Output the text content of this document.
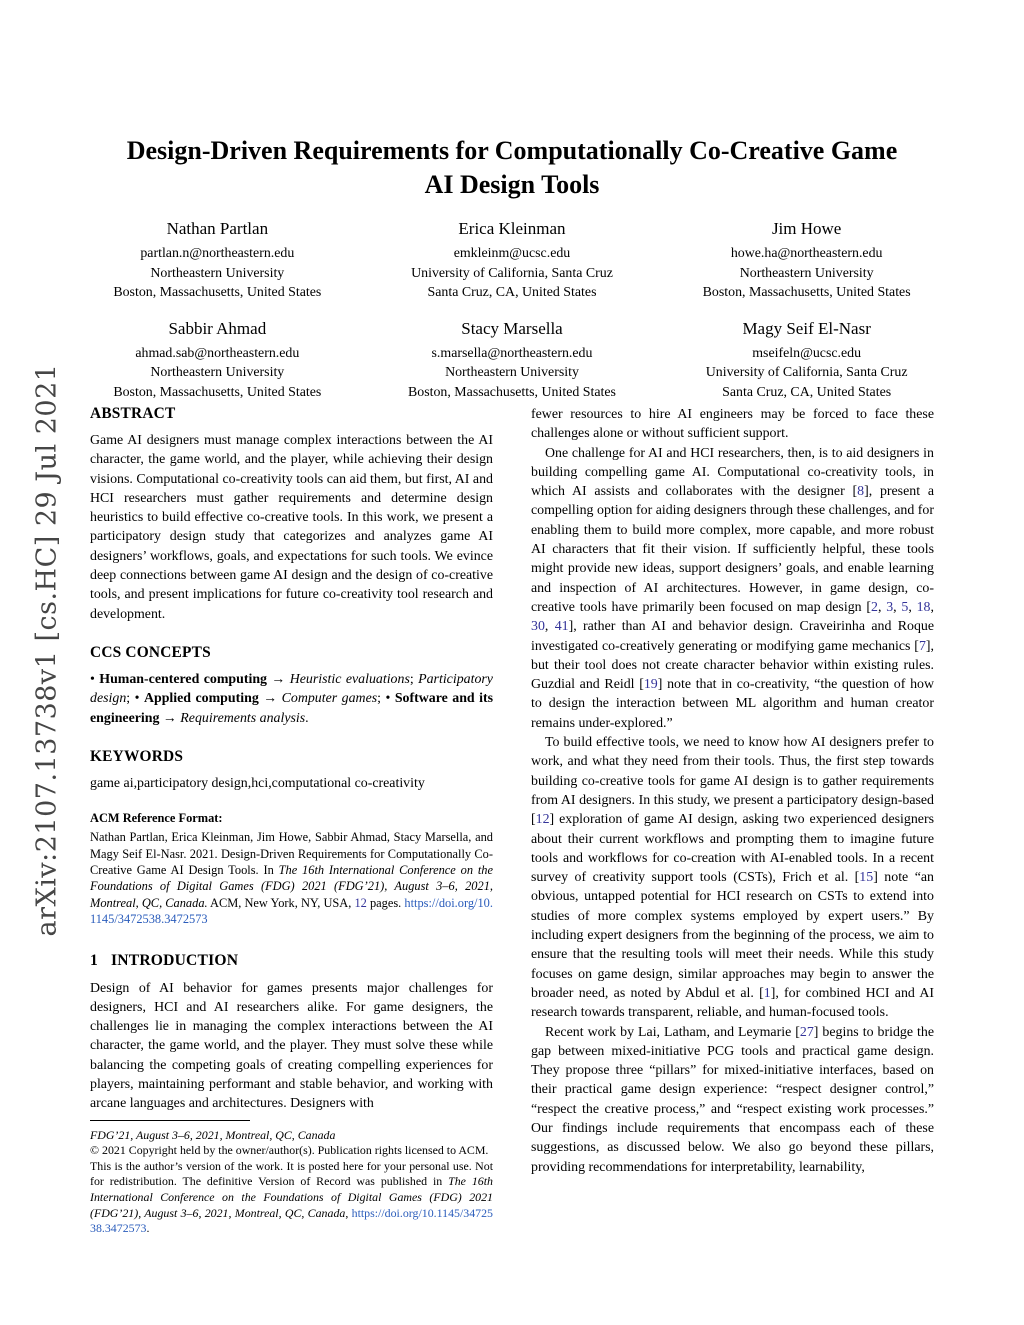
arXiv:2107.13738v1 [cs.HC] 29 Jul 2021
Design-Driven Requirements for Computationally Co-Creative Game AI Design Tools
Nathan Partlan
partlan.n@northeastern.edu
Northeastern University
Boston, Massachusetts, United States
Erica Kleinman
emkleinm@ucsc.edu
University of California, Santa Cruz
Santa Cruz, CA, United States
Jim Howe
howe.ha@northeastern.edu
Northeastern University
Boston, Massachusetts, United States
Sabbir Ahmad
ahmad.sab@northeastern.edu
Northeastern University
Boston, Massachusetts, United States
Stacy Marsella
s.marsella@northeastern.edu
Northeastern University
Boston, Massachusetts, United States
Magy Seif El-Nasr
mseifeln@ucsc.edu
University of California, Santa Cruz
Santa Cruz, CA, United States
ABSTRACT

Game AI designers must manage complex interactions between the AI character, the game world, and the player, while achieving their design visions. Computational co-creativity tools can aid them, but first, AI and HCI researchers must gather requirements and determine design heuristics to build effective co-creative tools. In this work, we present a participatory design study that categorizes and analyzes game AI designers’ workflows, goals, and expectations for such tools. We evince deep connections between game AI design and the design of co-creative tools, and present implications for future co-creativity tool research and development.

CCS CONCEPTS

• Human-centered computing → Heuristic evaluations; Participatory design; • Applied computing → Computer games; • Software and its engineering → Requirements analysis.

KEYWORDS

game ai,participatory design,hci,computational co-creativity

ACM Reference Format:

Nathan Partlan, Erica Kleinman, Jim Howe, Sabbir Ahmad, Stacy Marsella, and Magy Seif El-Nasr. 2021. Design-Driven Requirements for Computationally Co-Creative Game AI Design Tools. In The 16th International Conference on the Foundations of Digital Games (FDG) 2021 (FDG’21), August 3–6, 2021, Montreal, QC, Canada. ACM, New York, NY, USA, 12 pages. https://doi.org/10.1145/3472538.3472573

1 INTRODUCTION

Design of AI behavior for games presents major challenges for designers, HCI and AI researchers alike. For game designers, the challenges lie in managing the complex interactions between the AI character, the game world, and the player. They must solve these while balancing the competing goals of creating compelling experiences for players, maintaining performant and stable behavior, and working with arcane languages and architectures. Designers with

FDG’21, August 3–6, 2021, Montreal, QC, Canada

© 2021 Copyright held by the owner/author(s). Publication rights licensed to ACM.

This is the author’s version of the work. It is posted here for your personal use. Not for redistribution. The definitive Version of Record was published in The 16th International Conference on the Foundations of Digital Games (FDG) 2021 (FDG’21), August 3–6, 2021, Montreal, QC, Canada, https://doi.org/10.1145/3472538.3472573.

fewer resources to hire AI engineers may be forced to face these challenges alone or without sufficient support.

One challenge for AI and HCI researchers, then, is to aid designers in building compelling game AI. Computational co-creativity tools, in which AI assists and collaborates with the designer [8], present a compelling option for aiding designers through these challenges, and for enabling them to build more complex, more capable, and more robust AI characters that fit their vision. If sufficiently helpful, these tools might provide new ideas, support designers’ goals, and enable learning and inspection of AI architectures. However, in game design, co-creative tools have primarily been focused on map design [2, 3, 5, 18, 30, 41], rather than AI and behavior design. Craveirinha and Roque investigated co-creatively generating or modifying game mechanics [7], but their tool does not create character behavior within existing rules. Guzdial and Reidl [19] note that in co-creativity, “the question of how to design the interaction between ML algorithm and human creator remains under-explored.”

To build effective tools, we need to know how AI designers prefer to work, and what they need from their tools. Thus, the first step towards building co-creative tools for game AI design is to gather requirements from AI designers. In this study, we present a participatory design-based [12] exploration of game AI design, asking two experienced designers about their current workflows and prompting them to imagine future tools and workflows for co-creation with AI-enabled tools. In a recent survey of creativity support tools (CSTs), Frich et al. [15] note “an obvious, untapped potential for HCI research on CSTs to extend into studies of more complex systems employed by expert users.” By including expert designers from the beginning of the process, we aim to ensure that the resulting tools will meet their needs. While this study focuses on game design, similar approaches may begin to answer the broader need, as noted by Abdul et al. [1], for combined HCI and AI research towards transparent, reliable, and human-focused tools.

Recent work by Lai, Latham, and Leymarie [27] begins to bridge the gap between mixed-initiative PCG tools and practical game design. They propose three “pillars” for mixed-initiative interfaces, based on their practical game design experience: “respect designer control,” “respect the creative process,” and “respect existing work processes.” Our findings include requirements that encompass each of these suggestions, as discussed below. We also go beyond these pillars, providing recommendations for interpretability, learnability,
